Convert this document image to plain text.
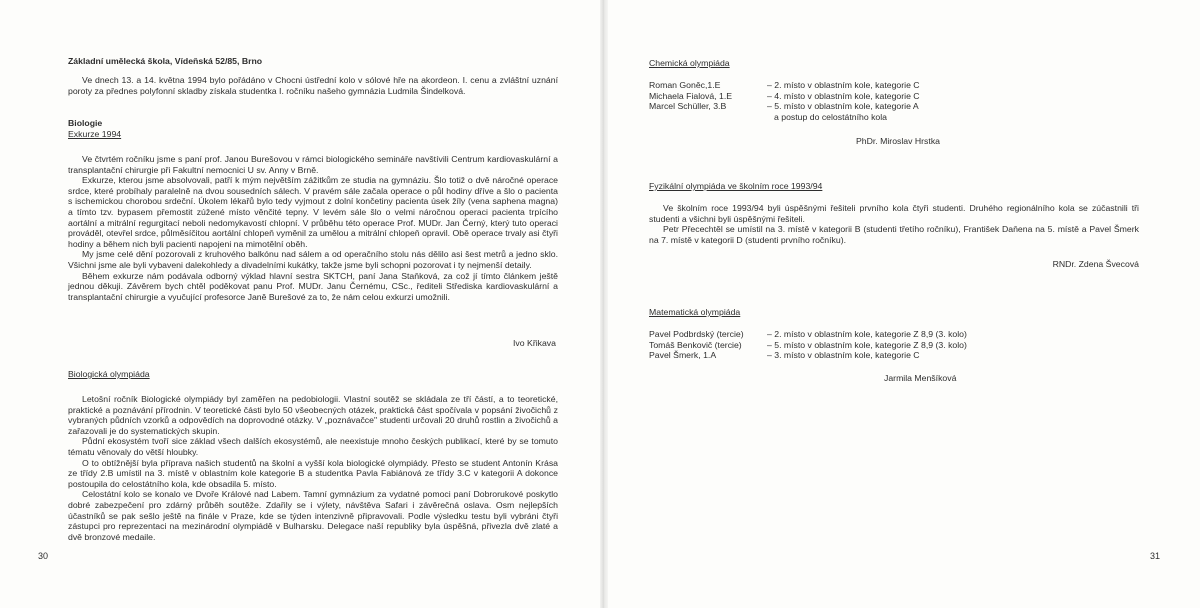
Základní umělecká škola, Vídeňská 52/85, Brno
Ve dnech 13. a 14. května 1994 bylo pořádáno v Chocni ústřední kolo v sólové hře na akordeon. I. cenu a zvláštní uznání poroty za přednes polyfonní skladby získala studentka I. ročníku našeho gymnázia Ludmila Šindelková.
Biologie
Exkurze 1994
Ve čtvrtém ročníku jsme s paní prof. Janou Burešovou v rámci biologického semináře navštívili Centrum kardiovaskulární a transplantační chirurgie při Fakultní nemocnici U sv. Anny v Brně.
Exkurze, kterou jsme absolvovali, patří k mým největším zážitkům ze studia na gymnáziu. Šlo totiž o dvě náročné operace srdce, které probíhaly paralelně na dvou sousedních sálech. V pravém sále začala operace o půl hodiny dříve a šlo o pacienta s ischemickou chorobou srdeční. Úkolem lékařů bylo tedy vyjmout z dolní končetiny pacienta úsek žíly (vena saphena magna) a tímto tzv. bypasem přemostit zúžené místo věnčité tepny. V levém sále šlo o velmi náročnou operaci pacienta trpícího aortální a mitrální regurgitací neboli nedomykavostí chlopní. V průběhu této operace Prof. MUDr. Jan Černý, který tuto operaci prováděl, otevřel srdce, půlměsíčitou aortální chlopeň vyměnil za umělou a mitrální chlopeň opravil. Obě operace trvaly asi čtyři hodiny a během nich byli pacienti napojeni na mimotělní oběh.
My jsme celé dění pozorovali z kruhového balkónu nad sálem a od operačního stolu nás dělilo asi šest metrů a jedno sklo. Všichni jsme ale byli vybaveni dalekohledy a divadelními kukátky, takže jsme byli schopni pozorovat i ty nejmenší detaily.
Během exkurze nám podávala odborný výklad hlavní sestra SKTCH, paní Jana Staňková, za což jí tímto článkem ještě jednou děkuji. Závěrem bych chtěl poděkovat panu Prof. MUDr. Janu Černému, CSc., řediteli Střediska kardiovaskulární a transplantační chirurgie a vyučující profesorce Janě Burešové za to, že nám celou exkurzi umožnili.
Ivo Křikava
Biologická olympiáda
Letošní ročník Biologické olympiády byl zaměřen na pedobiologii. Vlastní soutěž se skládala ze tří částí, a to teoretické, praktické a poznávání přírodnin. V teoretické části bylo 50 všeobecných otázek, praktická část spočívala v popsání živočichů z vybraných půdních vzorků a odpovědích na doprovodné otázky. V „poznávačce" studenti určovali 20 druhů rostlin a živočichů a zařazovali je do systematických skupin.
Půdní ekosystém tvoří sice základ všech dalších ekosystémů, ale neexistuje mnoho českých publikací, které by se tomuto tématu věnovaly do větší hloubky.
O to obtížnější byla příprava našich studentů na školní a vyšší kola biologické olympiády. Přesto se student Antonín Krása ze třídy 2.B umístil na 3. místě v oblastním kole kategorie B a studentka Pavla Fabiánová ze třídy 3.C v kategorii A dokonce postoupila do celostátního kola, kde obsadila 5. místo.
Celostátní kolo se konalo ve Dvoře Králové nad Labem. Tamní gymnázium za vydatné pomoci paní Dobrorukové poskytlo dobré zabezpečení pro zdárný průběh soutěže. Zdařily se i výlety, návštěva Safari i závěrečná oslava. Osm nejlepších účastníků se pak sešlo ještě na finále v Praze, kde se týden intenzivně připravovali. Podle výsledku testu byli vybráni čtyři zástupci pro reprezentaci na mezinárodní olympiádě v Bulharsku. Delegace naší republiky byla úspěšná, přivezla dvě zlaté a dvě bronzové medaile.
30
Chemická olympiáda
Roman Goněc,1.E	– 2. místo v oblastním kole, kategorie C
Michaela Fialová, 1.E	– 4. místo v oblastním kole, kategorie C
Marcel Schüller, 3.B	– 5. místo v oblastním kole, kategorie A
	a postup do celostátního kola
PhDr. Miroslav Hrstka
Fyzikální olympiáda ve školním roce 1993/94
Ve školním roce 1993/94 byli úspěšnými řešiteli prvního kola čtyři studenti. Druhého regionálního kola se zúčastnili tři studenti a všichni byli úspěšnými řešiteli.
Petr Přecechtěl se umístil na 3. místě v kategorii B (studenti třetího ročníku), František Daňena na 5. místě a Pavel Šmerk na 7. místě v kategorii D (studenti prvního ročníku).
RNDr. Zdena Švecová
Matematická olympiáda
Pavel Podbrdský (tercie)	– 2. místo v oblastním kole, kategorie Z 8,9 (3. kolo)
Tomáš Benkovič (tercie)	– 5. místo v oblastním kole, kategorie Z 8,9 (3. kolo)
Pavel Šmerk, 1.A	– 3. místo v oblastním kole, kategorie C
Jarmila Menšíková
31
